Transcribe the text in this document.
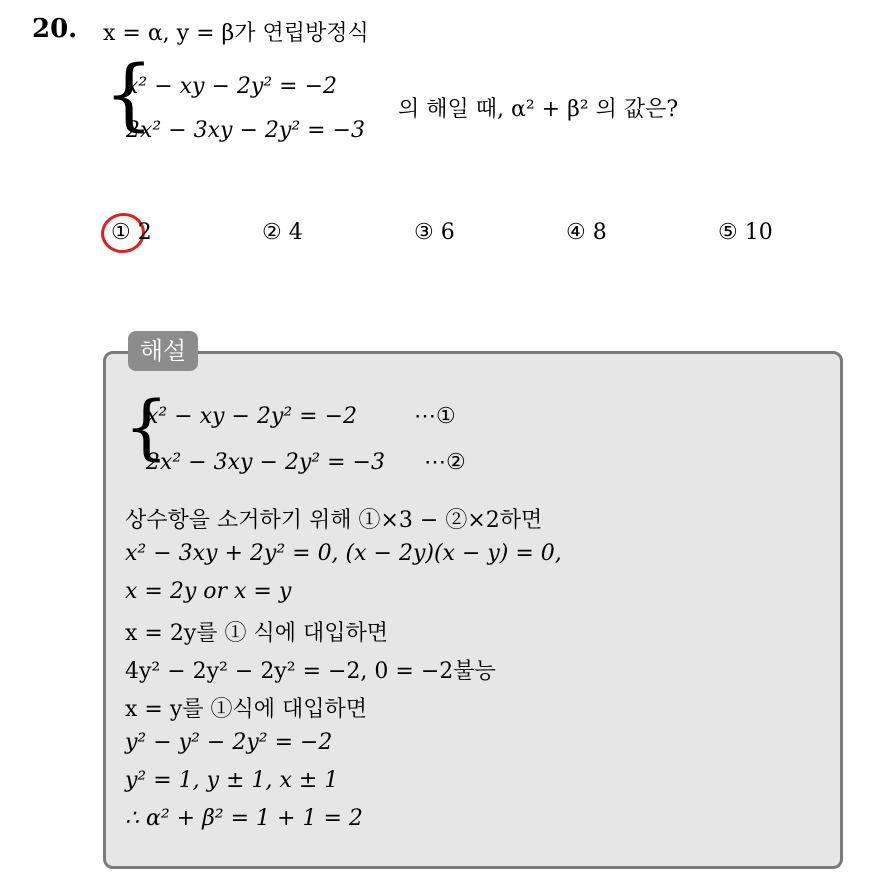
20. x = α, y = β가 연립방정식
{
x² − xy − 2y² = −2
2x² − 3xy − 2y² = −3
의 해일 때, α² + β² 의 값은?
① 2	② 4	③ 6	④ 8	⑤ 10
해설
{
x² − xy − 2y² = −2	⋯①
2x² − 3xy − 2y² = −3 ⋯②
상수항을 소거하기 위해 ①×3 − ②×2하면
x² − 3xy + 2y² = 0, (x − 2y)(x − y) = 0,
x = 2y or x = y
x = 2y를 ① 식에 대입하면
4y² − 2y² − 2y² = −2, 0 = −2불능
x = y를 ①식에 대입하면
y² − y² − 2y² = −2
y² = 1, y ± 1, x ± 1
∴ α² + β² = 1 + 1 = 2
